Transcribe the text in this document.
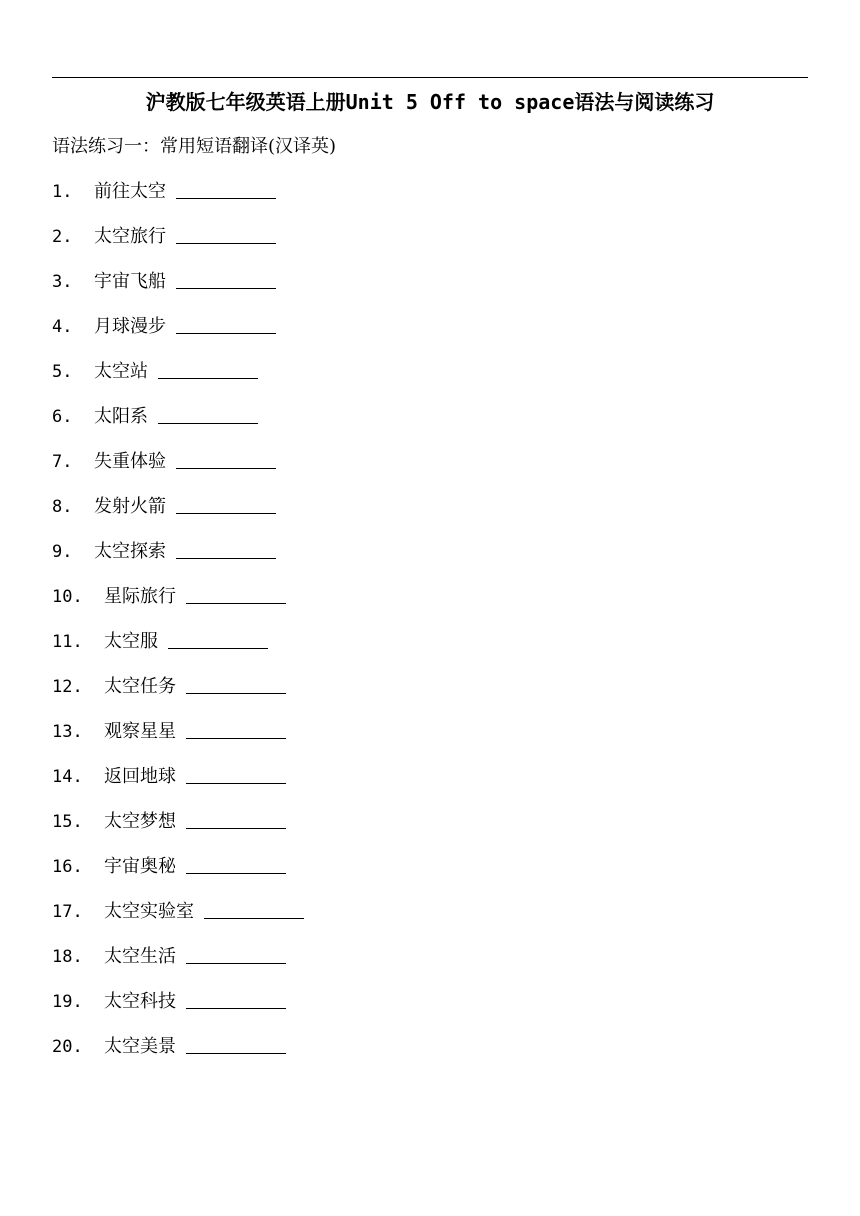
沪教版七年级英语上册Unit 5 Off to space语法与阅读练习
语法练习一：常用短语翻译(汉译英)
1.	前往太空
2.	太空旅行
3.	宇宙飞船
4.	月球漫步
5.	太空站
6.	太阳系
7.	失重体验
8.	发射火箭
9.	太空探索
10.	星际旅行
11.	太空服
12.	太空任务
13.	观察星星
14.	返回地球
15.	太空梦想
16.	宇宙奥秘
17.	太空实验室
18.	太空生活
19.	太空科技
20.	太空美景
